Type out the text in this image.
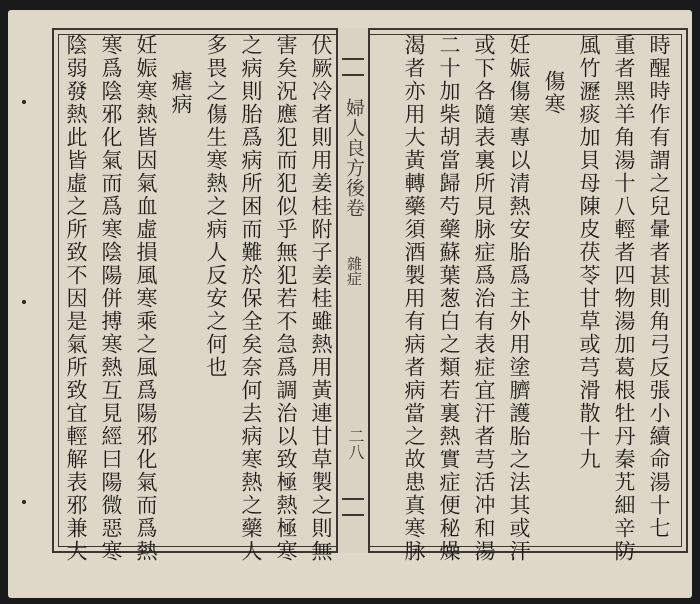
伏厥冷者則用姜桂附子姜桂雖熱用黃連甘草製之則無
害矣況應犯而犯似乎無犯若不急爲調治以致極熱極寒
之病則胎爲病所困而難於保全矣奈何去病寒熱之藥人
多畏之傷生寒熱之病人反安之何也
瘧病
妊娠寒熱皆因氣血虛損風寒乘之風爲陽邪化氣而爲熱
寒爲陰邪化氣而爲寒陰陽併搏寒熱互見經曰陽微惡寒
陰弱發熱此皆虛之所致不因是氣所致宜輕解表邪兼大	婦人良方後卷
雜症
二八	時醒時作有謂之兒暈者甚則角弓反張小續命湯十七
重者黑羊角湯十八輕者四物湯加葛根牡丹秦艽細辛防
風竹瀝痰加貝母陳皮茯苓甘草或芎滑散十九
傷寒
妊娠傷寒專以清熱安胎爲主外用塗臍護胎之法其或汗
或下各隨表裏所見脉症爲治有表症宜汗者芎活冲和湯
二十加柴胡當歸芍藥蘇葉葱白之類若裏熱實症便秘燥
渴者亦用大黃轉藥須酒製用有病者病當之故患真寒脉
